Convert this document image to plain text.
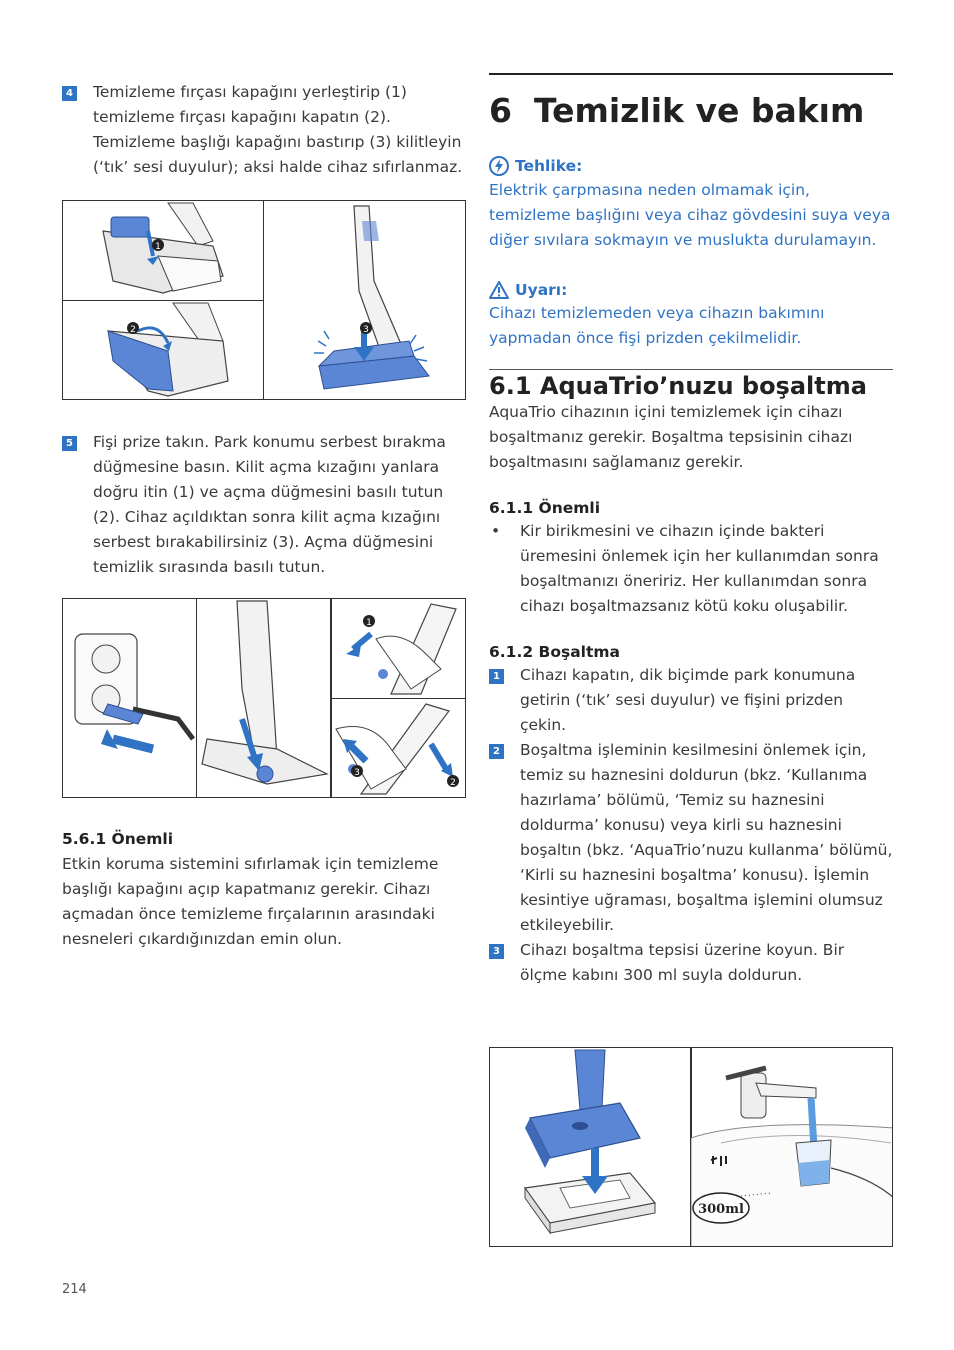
4 Temizleme fırçası kapağını yerleştirip (1) temizleme fırçası kapağını kapatın (2). Temizleme başlığı kapağını bastırıp (3) kilitleyin (‘tık’ sesi duyulur); aksi halde cihaz sıfırlanmaz.
1
2	3
5 Fişi prize takın. Park konumu serbest bırakma düğmesine basın. Kilit açma kızağını yanlara doğru itin (1) ve açma düğmesini basılı tutun (2). Cihaz açıldıktan sonra kilit açma kızağını serbest bırakabilirsiniz (3). Açma düğmesini temizlik sırasında basılı tutun.
1
3
2
5.6.1 Önemli
Etkin koruma sistemini sıfırlamak için temizleme başlığı kapağını açıp kapatmanız gerekir. Cihazı açmadan önce temizleme fırçalarının arasındaki nesneleri çıkardığınızdan emin olun.
6 Temizlik ve bakım
Tehlike:
Elektrik çarpmasına neden olmamak için, temizleme başlığını veya cihaz gövdesini suya veya diğer sıvılara sokmayın ve muslukta durulamayın.
Uyarı:
Cihazı temizlemeden veya cihazın bakımını yapmadan önce fişi prizden çekilmelidir.
6.1 AquaTrio’nuzu boşaltma
AquaTrio cihazının içini temizlemek için cihazı boşaltmanız gerekir. Boşaltma tepsisinin cihazı boşaltmasını sağlamanız gerekir.
6.1.1 Önemli
• Kir birikmesini ve cihazın içinde bakteri üremesini önlemek için her kullanımdan sonra boşaltmanızı öneririz. Her kullanımdan sonra cihazı boşaltmazsanız kötü koku oluşabilir.
6.1.2 Boşaltma
1 Cihazı kapatın, dik biçimde park konumuna getirin (‘tık’ sesi duyulur) ve fişini prizden çekin.
2 Boşaltma işleminin kesilmesini önlemek için, temiz su haznesini doldurun (bkz. ‘Kullanıma hazırlama’ bölümü, ‘Temiz su haznesini doldurma’ konusu) veya kirli su haznesini boşaltın (bkz. ‘AquaTrio’nuzu kullanma’ bölümü, ‘Kirli su haznesini boşaltma’ konusu). İşlemin kesintiye uğraması, boşaltma işlemini olumsuz etkileyebilir.
3 Cihazı boşaltma tepsisi üzerine koyun. Bir ölçme kabını 300 ml suyla doldurun.
300ml
214
